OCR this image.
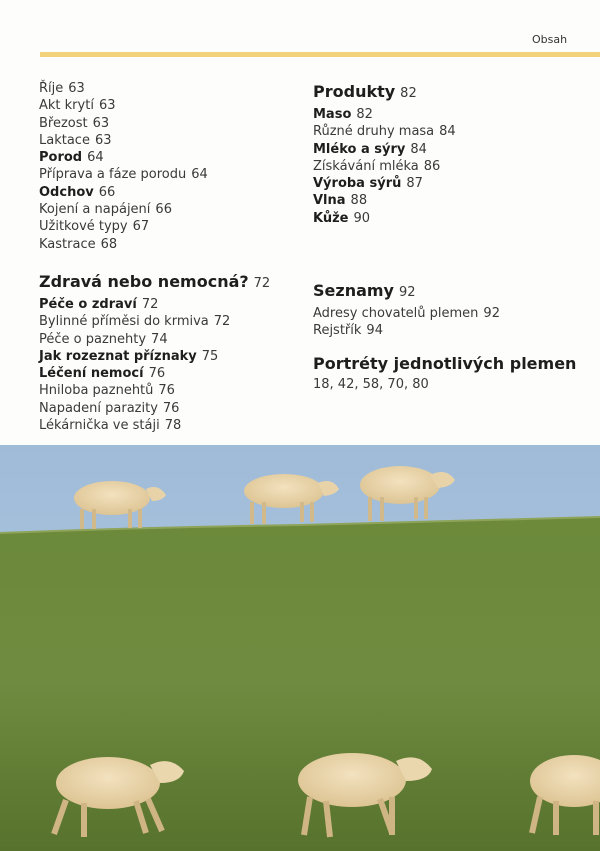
Obsah
Říje 63
Akt krytí 63
Březost 63
Laktace 63
Porod 64
Příprava a fáze porodu 64
Odchov 66
Kojení a napájení 66
Užitkové typy 67
Kastrace 68
Zdravá nebo nemocná? 72
Péče o zdraví 72
Bylinné příměsi do krmiva 72
Péče o paznehty 74
Jak rozeznat příznaky 75
Léčení nemocí 76
Hniloba paznehtů 76
Napadení parazity 76
Lékárnička ve stáji 78
Produkty 82
Maso 82
Různé druhy masa 84
Mléko a sýry 84
Získávání mléka 86
Výroba sýrů 87
Vlna 88
Kůže 90
Seznamy 92
Adresy chovatelů plemen 92
Rejstřík 94
Portréty jednotlivých plemen
18, 42, 58, 70, 80
